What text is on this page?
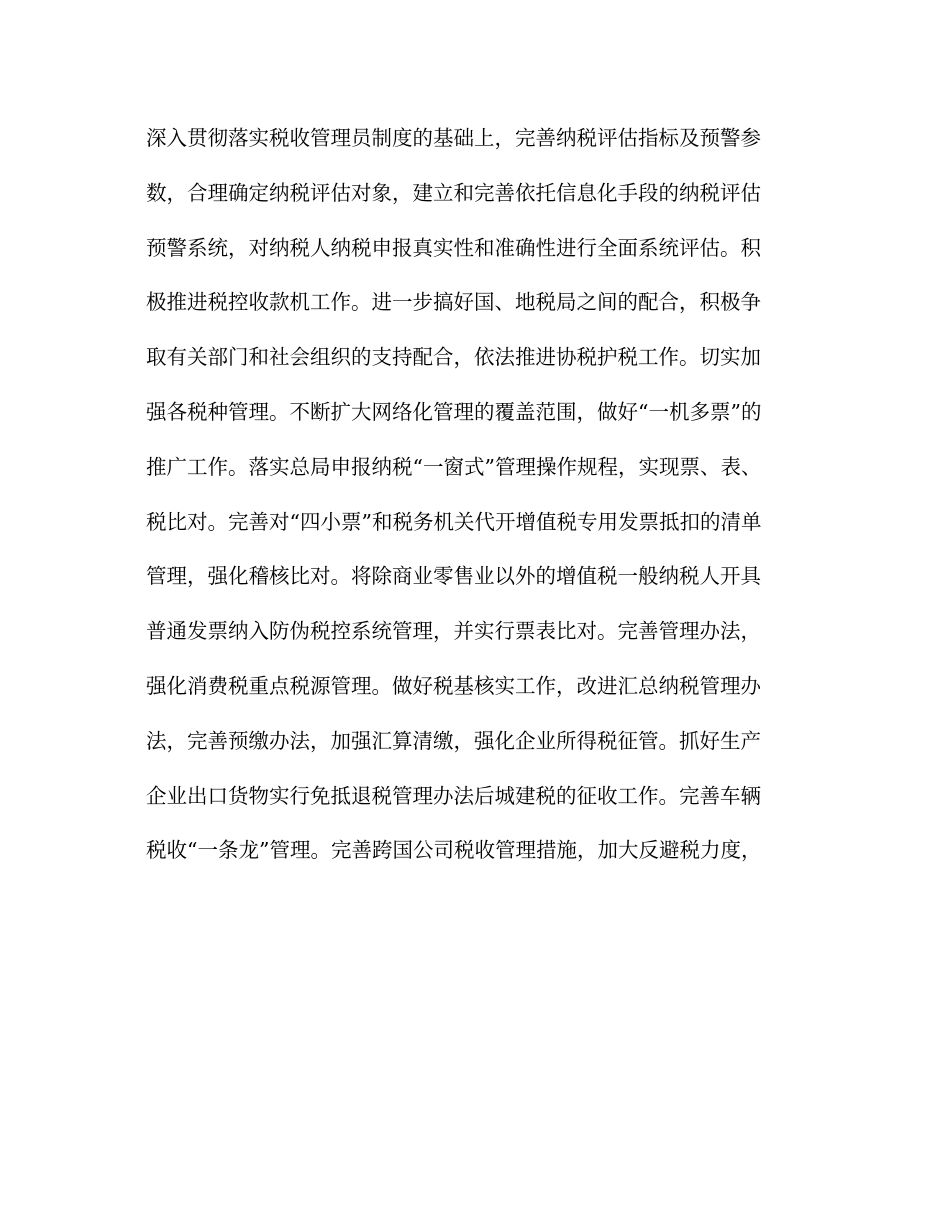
深入贯彻落实税收管理员制度的基础上，完善纳税评估指标及预警参
数，合理确定纳税评估对象，建立和完善依托信息化手段的纳税评估
预警系统，对纳税人纳税申报真实性和准确性进行全面系统评估。积
极推进税控收款机工作。进一步搞好国、地税局之间的配合，积极争
取有关部门和社会组织的支持配合，依法推进协税护税工作。切实加
强各税种管理。不断扩大网络化管理的覆盖范围，做好“一机多票”的
推广工作。落实总局申报纳税“一窗式”管理操作规程，实现票、表、
税比对。完善对“四小票”和税务机关代开增值税专用发票抵扣的清单
管理，强化稽核比对。将除商业零售业以外的增值税一般纳税人开具
普通发票纳入防伪税控系统管理，并实行票表比对。完善管理办法，
强化消费税重点税源管理。做好税基核实工作，改进汇总纳税管理办
法，完善预缴办法，加强汇算清缴，强化企业所得税征管。抓好生产
企业出口货物实行免抵退税管理办法后城建税的征收工作。完善车辆
税收“一条龙”管理。完善跨国公司税收管理措施，加大反避税力度，
